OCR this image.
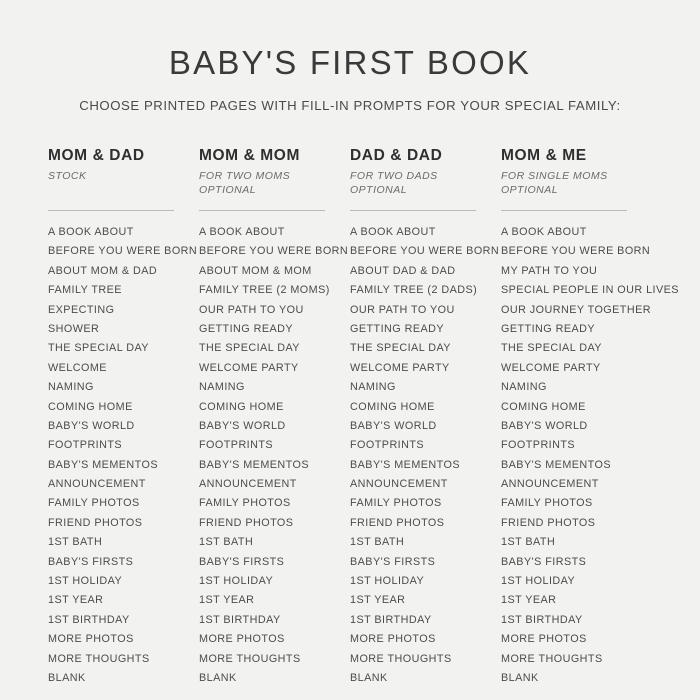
BABY'S FIRST BOOK

CHOOSE PRINTED PAGES WITH FILL-IN PROMPTS FOR YOUR SPECIAL FAMILY:

MOM & DAD
STOCK
A BOOK ABOUT
BEFORE YOU WERE BORN
ABOUT MOM & DAD
FAMILY TREE
EXPECTING
SHOWER
THE SPECIAL DAY
WELCOME
NAMING
COMING HOME
BABY'S WORLD
FOOTPRINTS
BABY'S MEMENTOS
ANNOUNCEMENT
FAMILY PHOTOS
FRIEND PHOTOS
1ST BATH
BABY'S FIRSTS
1ST HOLIDAY
1ST YEAR
1ST BIRTHDAY
MORE PHOTOS
MORE THOUGHTS
BLANK
MOM & MOM
FOR TWO MOMS
OPTIONAL
A BOOK ABOUT
BEFORE YOU WERE BORN
ABOUT MOM & MOM
FAMILY TREE (2 MOMS)
OUR PATH TO YOU
GETTING READY
THE SPECIAL DAY
WELCOME PARTY
NAMING
COMING HOME
BABY'S WORLD
FOOTPRINTS
BABY'S MEMENTOS
ANNOUNCEMENT
FAMILY PHOTOS
FRIEND PHOTOS
1ST BATH
BABY'S FIRSTS
1ST HOLIDAY
1ST YEAR
1ST BIRTHDAY
MORE PHOTOS
MORE THOUGHTS
BLANK
DAD & DAD
FOR TWO DADS
OPTIONAL
A BOOK ABOUT
BEFORE YOU WERE BORN
ABOUT DAD & DAD
FAMILY TREE (2 DADS)
OUR PATH TO YOU
GETTING READY
THE SPECIAL DAY
WELCOME PARTY
NAMING
COMING HOME
BABY'S WORLD
FOOTPRINTS
BABY'S MEMENTOS
ANNOUNCEMENT
FAMILY PHOTOS
FRIEND PHOTOS
1ST BATH
BABY'S FIRSTS
1ST HOLIDAY
1ST YEAR
1ST BIRTHDAY
MORE PHOTOS
MORE THOUGHTS
BLANK
MOM & ME
FOR SINGLE MOMS
OPTIONAL
A BOOK ABOUT
BEFORE YOU WERE BORN
MY PATH TO YOU
SPECIAL PEOPLE IN OUR LIVES
OUR JOURNEY TOGETHER
GETTING READY
THE SPECIAL DAY
WELCOME PARTY
NAMING
COMING HOME
BABY'S WORLD
FOOTPRINTS
BABY'S MEMENTOS
ANNOUNCEMENT
FAMILY PHOTOS
FRIEND PHOTOS
1ST BATH
BABY'S FIRSTS
1ST HOLIDAY
1ST YEAR
1ST BIRTHDAY
MORE PHOTOS
MORE THOUGHTS
BLANK
